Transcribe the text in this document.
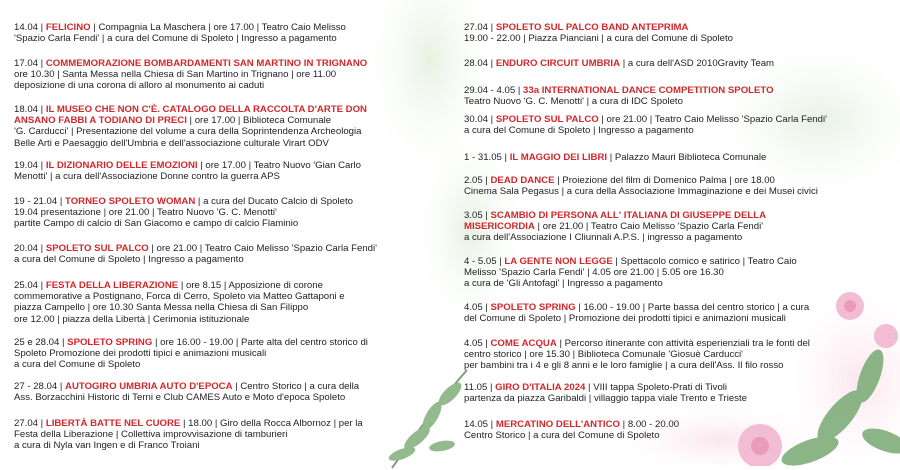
14.04 | FELICINO | Compagnia La Maschera | ore 17.00 | Teatro Caio Melisso
'Spazio Carla Fendi' | a cura del Comune di Spoleto | Ingresso a pagamento
17.04 | COMMEMORAZIONE BOMBARDAMENTI SAN MARTINO IN TRIGNANO
ore 10.30 | Santa Messa nella Chiesa di San Martino in Trignano | ore 11.00
deposizione di una corona di alloro al monumento ai caduti
18.04 | IL MUSEO CHE NON C'È. CATALOGO DELLA RACCOLTA D'ARTE DON
ANSANO FABBI A TODIANO DI PRECI | ore 17.00 | Biblioteca Comunale
'G. Carducci' | Presentazione del volume a cura della Soprintendenza Archeologia
Belle Arti e Paesaggio dell'Umbria e dell'associazione culturale Virart ODV
19.04 | IL DIZIONARIO DELLE EMOZIONI | ore 17.00 | Teatro Nuovo 'Gian Carlo
Menotti' | a cura dell'Associazione Donne contro la guerra APS
19 - 21.04 | TORNEO SPOLETO WOMAN | a cura del Ducato Calcio di Spoleto
19.04 presentazione | ore 21.00 | Teatro Nuovo 'G. C. Menotti'
partite Campo di calcio di San Giacomo e campo di calcio Flaminio
20.04 | SPOLETO SUL PALCO | ore 21.00 | Teatro Caio Melisso 'Spazio Carla Fendi'
a cura del Comune di Spoleto | Ingresso a pagamento
25.04 | FESTA DELLA LIBERAZIONE | ore 8.15 | Apposizione di corone
commemorative a Postignano, Forca di Cerro, Spoleto via Matteo Gattaponi e
piazza Campello | ore 10.30 Santa Messa nella Chiesa di San Filippo
ore 12.00 | piazza della Libertà | Cerimonia istituzionale
25 e 28.04 | SPOLETO SPRING | ore 16.00 - 19.00 | Parte alta del centro storico di
Spoleto Promozione dei prodotti tipici e animazioni musicali
a cura del Comune di Spoleto
27 - 28.04 | AUTOGIRO UMBRIA AUTO D'EPOCA | Centro Storico | a cura della
Ass. Borzacchini Historic di Terni e Club CAMES Auto e Moto d'epoca Spoleto
27.04 | LIBERTÀ BATTE NEL CUORE | 18.00 | Giro della Rocca Albornoz | per la
Festa della Liberazione | Collettiva improvvisazione di tamburieri
a cura di Nyla van Ingen e di Franco Troiani
27.04 | SPOLETO SUL PALCO BAND ANTEPRIMA
19.00 - 22.00 | Piazza Pianciani | a cura del Comune di Spoleto
28.04 | ENDURO CIRCUIT UMBRIA | a cura dell'ASD 2010Gravity Team
29.04 - 4.05 | 33a INTERNATIONAL DANCE COMPETITION SPOLETO
Teatro Nuovo 'G. C. Menotti' | a cura di IDC Spoleto
30.04 | SPOLETO SUL PALCO | ore 21.00 | Teatro Caio Melisso 'Spazio Carla Fendi'
a cura del Comune di Spoleto | Ingresso a pagamento
1 - 31.05 | IL MAGGIO DEI LIBRI | Palazzo Mauri Biblioteca Comunale
2.05 | DEAD DANCE | Proiezione del film di Domenico Palma | ore 18.00
Cinema Sala Pegasus | a cura della Associazione Immaginazione e dei Musei civici
3.05 | SCAMBIO DI PERSONA ALL' ITALIANA DI GIUSEPPE DELLA
MISERICORDIA | ore 21.00 | Teatro Caio Melisso 'Spazio Carla Fendi'
a cura dell'Associazione I Cliunnali A.P.S. | ingresso a pagamento
4 - 5.05 | LA GENTE NON LEGGE | Spettacolo comico e satirico | Teatro Caio
Melisso 'Spazio Carla Fendi' | 4.05 ore 21.00 | 5.05 ore 16.30
a cura de 'Gli Antofagi' | Ingresso a pagamento
4.05 | SPOLETO SPRING | 16.00 - 19.00 | Parte bassa del centro storico | a cura
del Comune di Spoleto | Promozione dei prodotti tipici e animazioni musicali
4.05 | COME ACQUA | Percorso itinerante con attività esperienziali tra le fonti del
centro storico | ore 15.30 | Biblioteca Comunale 'Giosuè Carducci'
per bambini tra i 4 e gli 8 anni e le loro famiglie | a cura dell'Ass. Il filo rosso
11.05 | GIRO D'ITALIA 2024 | VIII tappa Spoleto-Prati di Tivoli
partenza da piazza Garibaldi | villaggio tappa viale Trento e Trieste
14.05 | MERCATINO DELL'ANTICO | 8.00 - 20.00
Centro Storico | a cura del Comune di Spoleto
